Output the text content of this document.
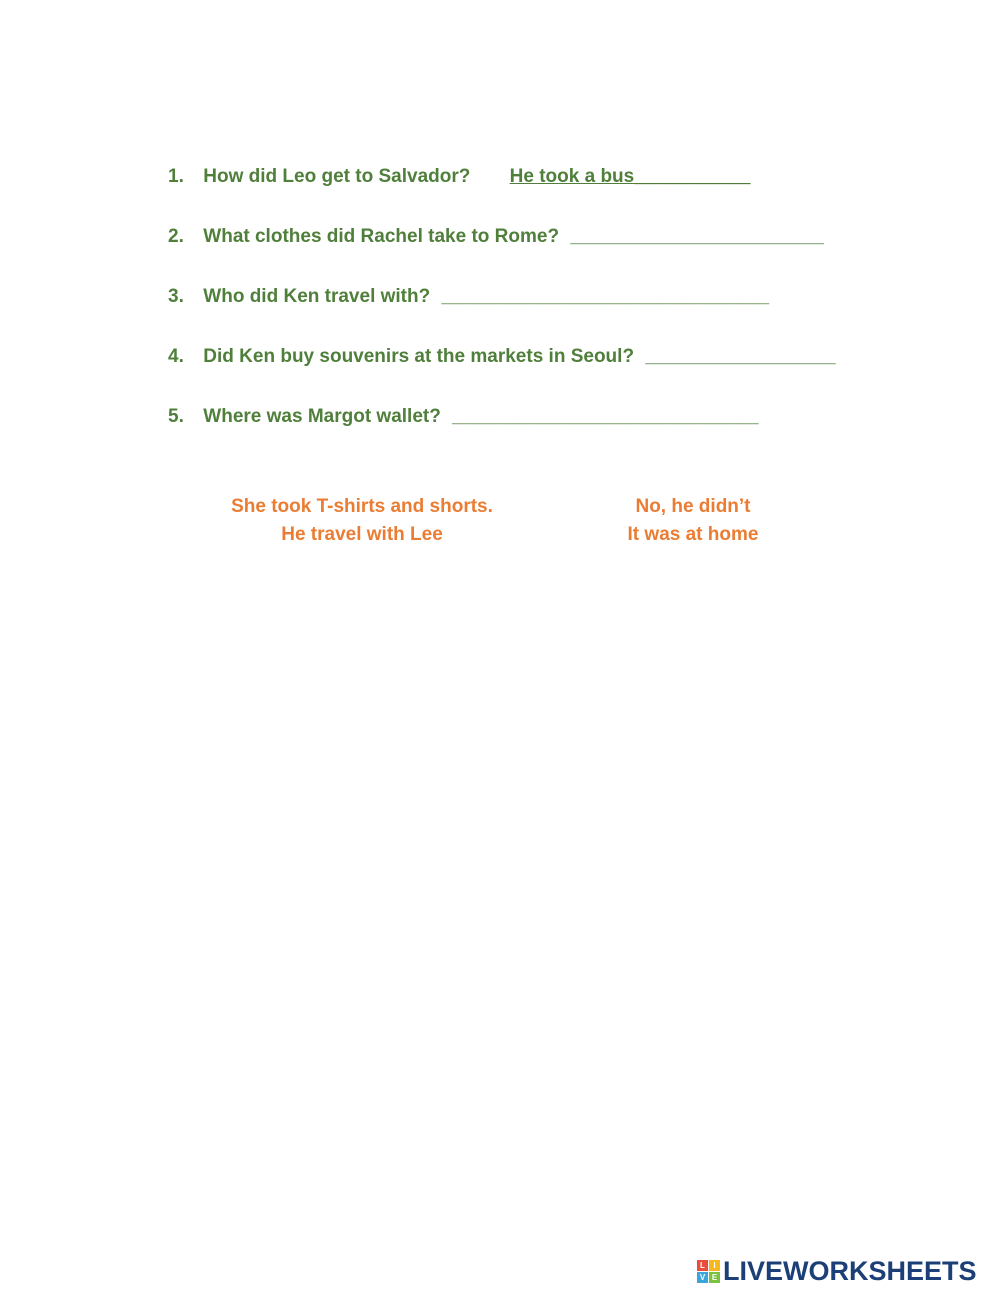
1. How did Leo get to Salvador? He took a bus___________
2. What clothes did Rachel take to Rome? ________________________
3. Who did Ken travel with? _______________________________
4. Did Ken buy souvenirs at the markets in Seoul? __________________
5. Where was Margot wallet? _____________________________
She took T-shirts and shorts.
He travel with Lee
No, he didn’t
It was at home
L	I
V E LIVEWORKSHEETS
